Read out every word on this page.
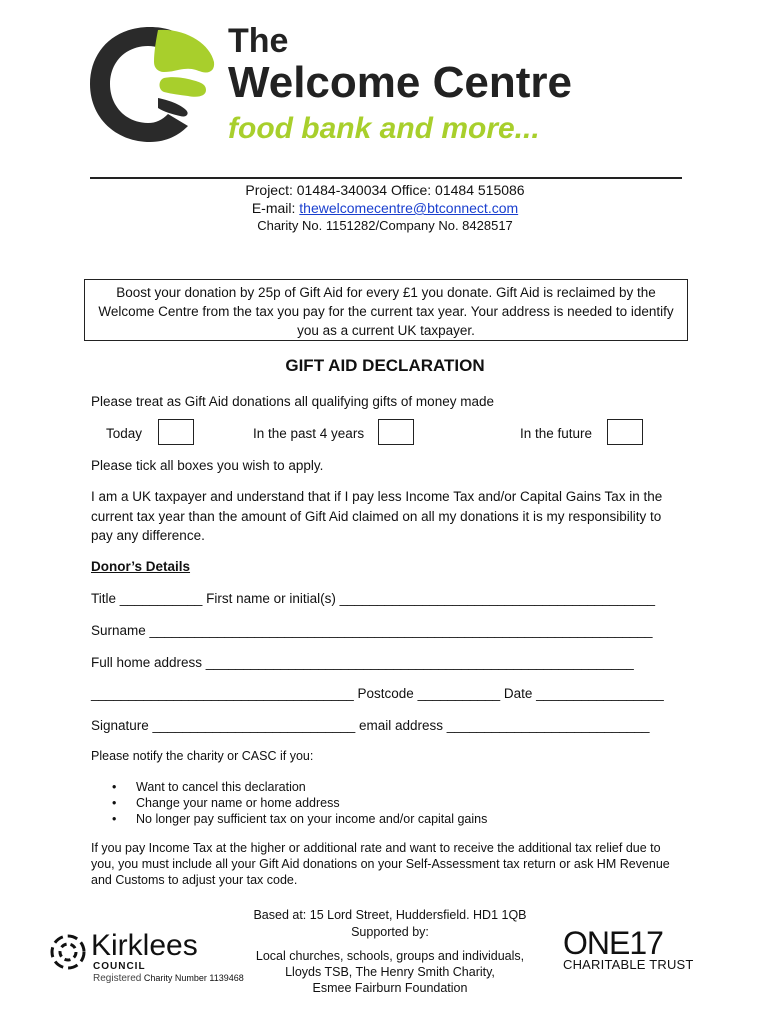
The
Welcome Centre
food bank and more...
Project: 01484-340034 Office: 01484 515086
E-mail: thewelcomecentre@btconnect.com
Charity No. 1151282/Company No. 8428517
Boost your donation by 25p of Gift Aid for every £1 you donate. Gift Aid is reclaimed by the Welcome Centre from the tax you pay for the current tax year. Your address is needed to identify you as a current UK taxpayer.
GIFT AID DECLARATION
Please treat as Gift Aid donations all qualifying gifts of money made
Today	In the past 4 years	In the future
Please tick all boxes you wish to apply.
I am a UK taxpayer and understand that if I pay less Income Tax and/or Capital Gains Tax in the current tax year than the amount of Gift Aid claimed on all my donations it is my responsibility to pay any difference.
Donor’s Details
Title ___________ First name or initial(s) __________________________________________
Surname ___________________________________________________________________
Full home address _________________________________________________________
___________________________________ Postcode ___________ Date _________________
Signature ___________________________ email address ___________________________
Please notify the charity or CASC if you:
• Want to cancel this declaration
• Change your name or home address
• No longer pay sufficient tax on your income and/or capital gains
If you pay Income Tax at the higher or additional rate and want to receive the additional tax relief due to you, you must include all your Gift Aid donations on your Self-Assessment tax return or ask HM Revenue and Customs to adjust your tax code.
Based at: 15 Lord Street, Huddersfield. HD1 1QB
Supported by:
Local churches, schools, groups and individuals,
Lloyds TSB, The Henry Smith Charity,
Esmee Fairburn Foundation
Kirklees
COUNCIL
Registered Charity Number 1139468
ONE17
CHARITABLE TRUST
